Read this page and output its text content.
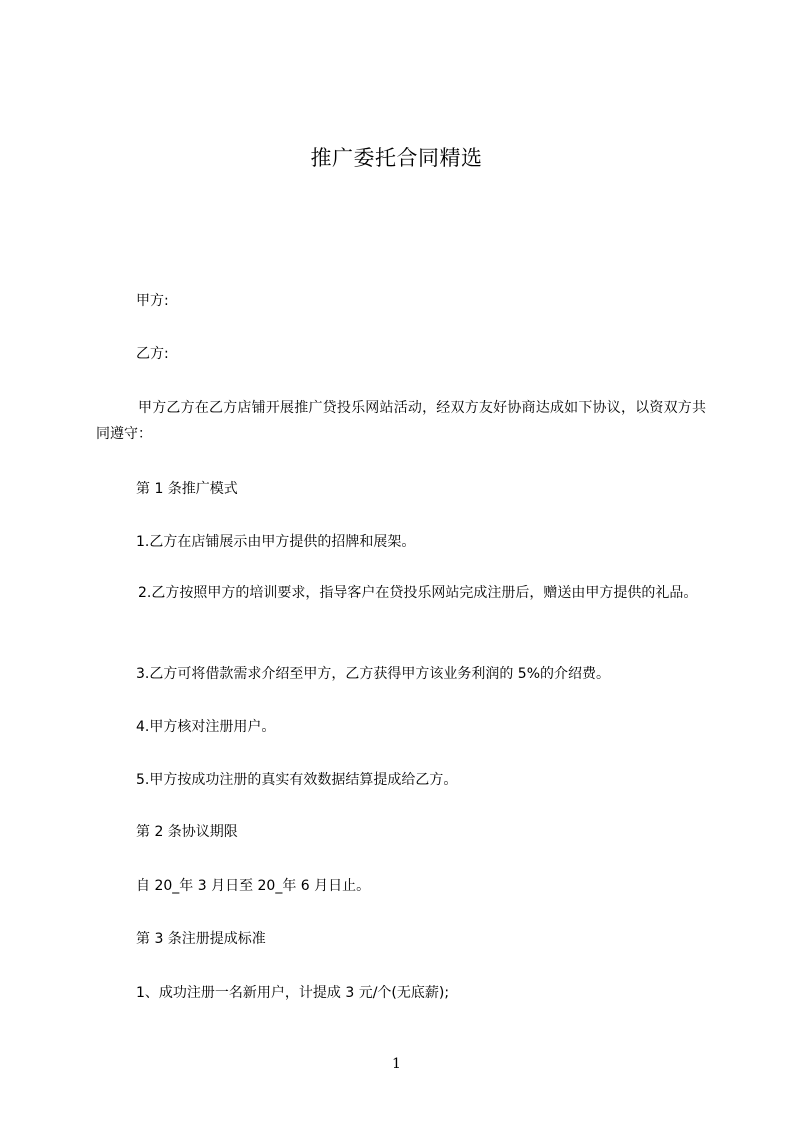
推广委托合同精选
甲方:
乙方:
甲方乙方在乙方店铺开展推广贷投乐网站活动，经双方友好协商达成如下协议，以资双方共同遵守：
第 1 条推广模式
1.乙方在店铺展示由甲方提供的招牌和展架。
2.乙方按照甲方的培训要求，指导客户在贷投乐网站完成注册后，赠送由甲方提供的礼品。
3.乙方可将借款需求介绍至甲方，乙方获得甲方该业务利润的 5%的介绍费。
4.甲方核对注册用户。
5.甲方按成功注册的真实有效数据结算提成给乙方。
第 2 条协议期限
自 20_年 3 月日至 20_年 6 月日止。
第 3 条注册提成标准
1、成功注册一名新用户，计提成 3 元/个(无底薪);
1
